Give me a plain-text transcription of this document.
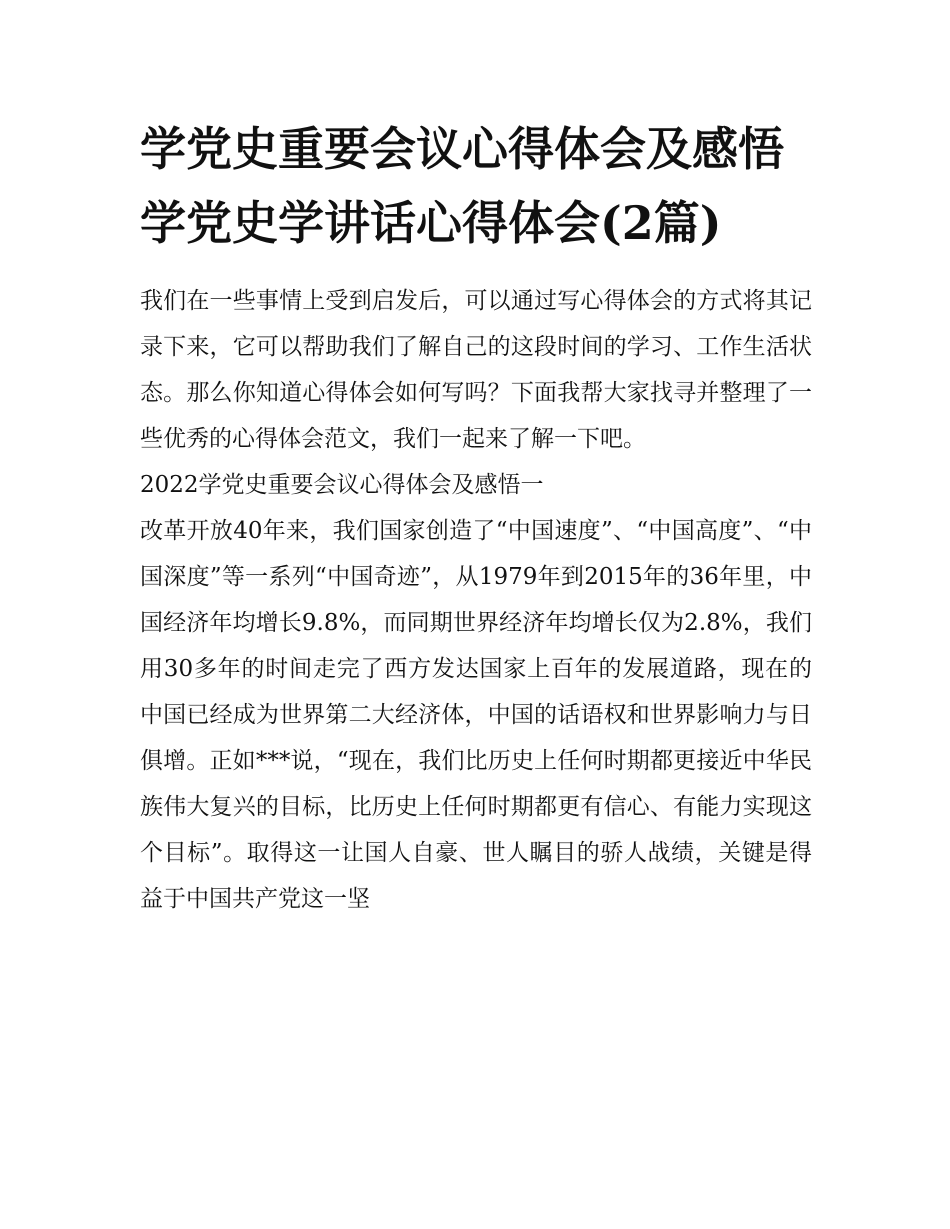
学党史重要会议心得体会及感悟 学党史学讲话心得体会(2篇)

我们在一些事情上受到启发后，可以通过写心得体会的方式将其记录下来，它可以帮助我们了解自己的这段时间的学习、工作生活状态。那么你知道心得体会如何写吗？下面我帮大家找寻并整理了一些优秀的心得体会范文，我们一起来了解一下吧。

2022学党史重要会议心得体会及感悟一

改革开放40年来，我们国家创造了“中国速度”、“中国高度”、“中国深度”等一系列“中国奇迹”，从1979年到2015年的36年里，中国经济年均增长9.8%，而同期世界经济年均增长仅为2.8%，我们用30多年的时间走完了西方发达国家上百年的发展道路，现在的中国已经成为世界第二大经济体，中国的话语权和世界影响力与日俱增。正如***说，“现在，我们比历史上任何时期都更接近中华民族伟大复兴的目标，比历史上任何时期都更有信心、有能力实现这个目标”。取得这一让国人自豪、世人瞩目的骄人战绩，关键是得益于中国共产党这一坚
